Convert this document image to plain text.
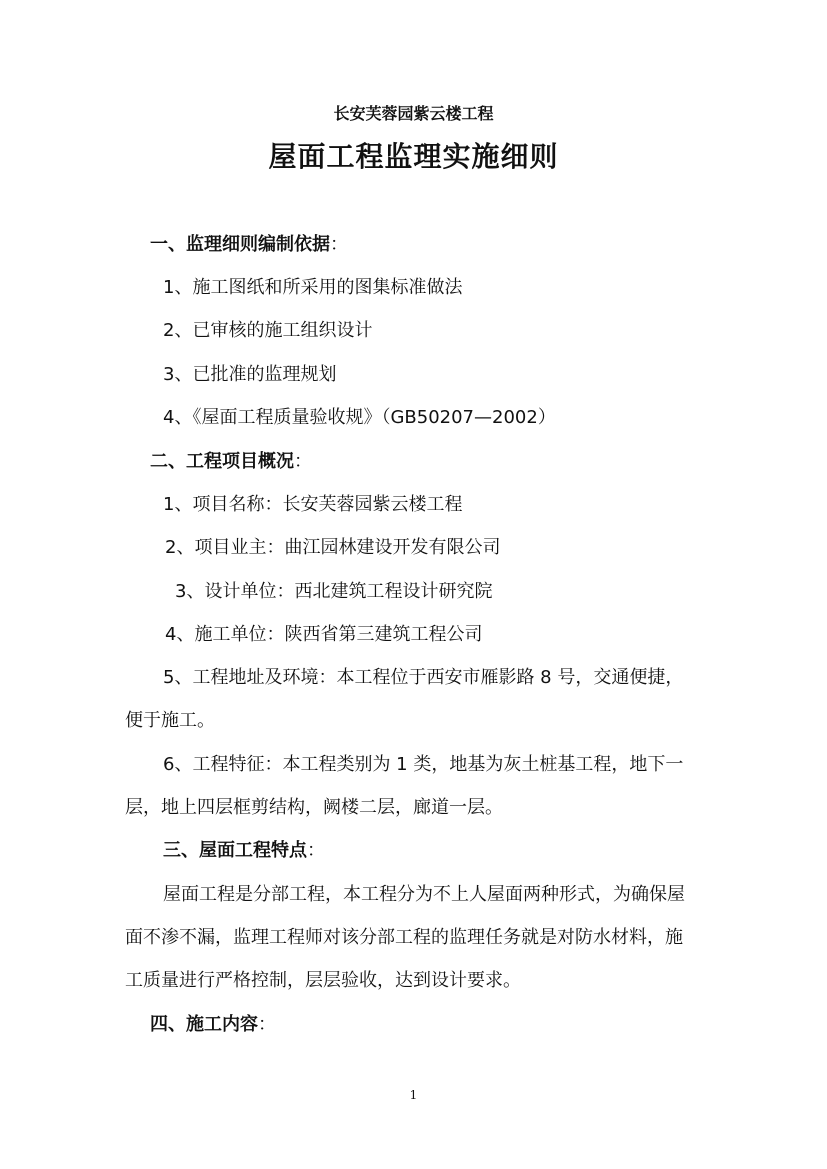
长安芙蓉园紫云楼工程
屋面工程监理实施细则
一、监理细则编制依据：
1、施工图纸和所采用的图集标准做法
2、已审核的施工组织设计
3、已批准的监理规划
4、《屋面工程质量验收规》（GB50207—2002）
二、工程项目概况：
1、项目名称：长安芙蓉园紫云楼工程
2、项目业主：曲江园林建设开发有限公司
3、设计单位：西北建筑工程设计研究院
4、施工单位：陕西省第三建筑工程公司
5、工程地址及环境：本工程位于西安市雁影路 8 号，交通便捷，
便于施工。
6、工程特征：本工程类别为 1 类，地基为灰土桩基工程，地下一
层，地上四层框剪结构，阙楼二层，廊道一层。
三、屋面工程特点：
屋面工程是分部工程，本工程分为不上人屋面两种形式，为确保屋
面不渗不漏，监理工程师对该分部工程的监理任务就是对防水材料，施
工质量进行严格控制，层层验收，达到设计要求。
四、施工内容：
1
